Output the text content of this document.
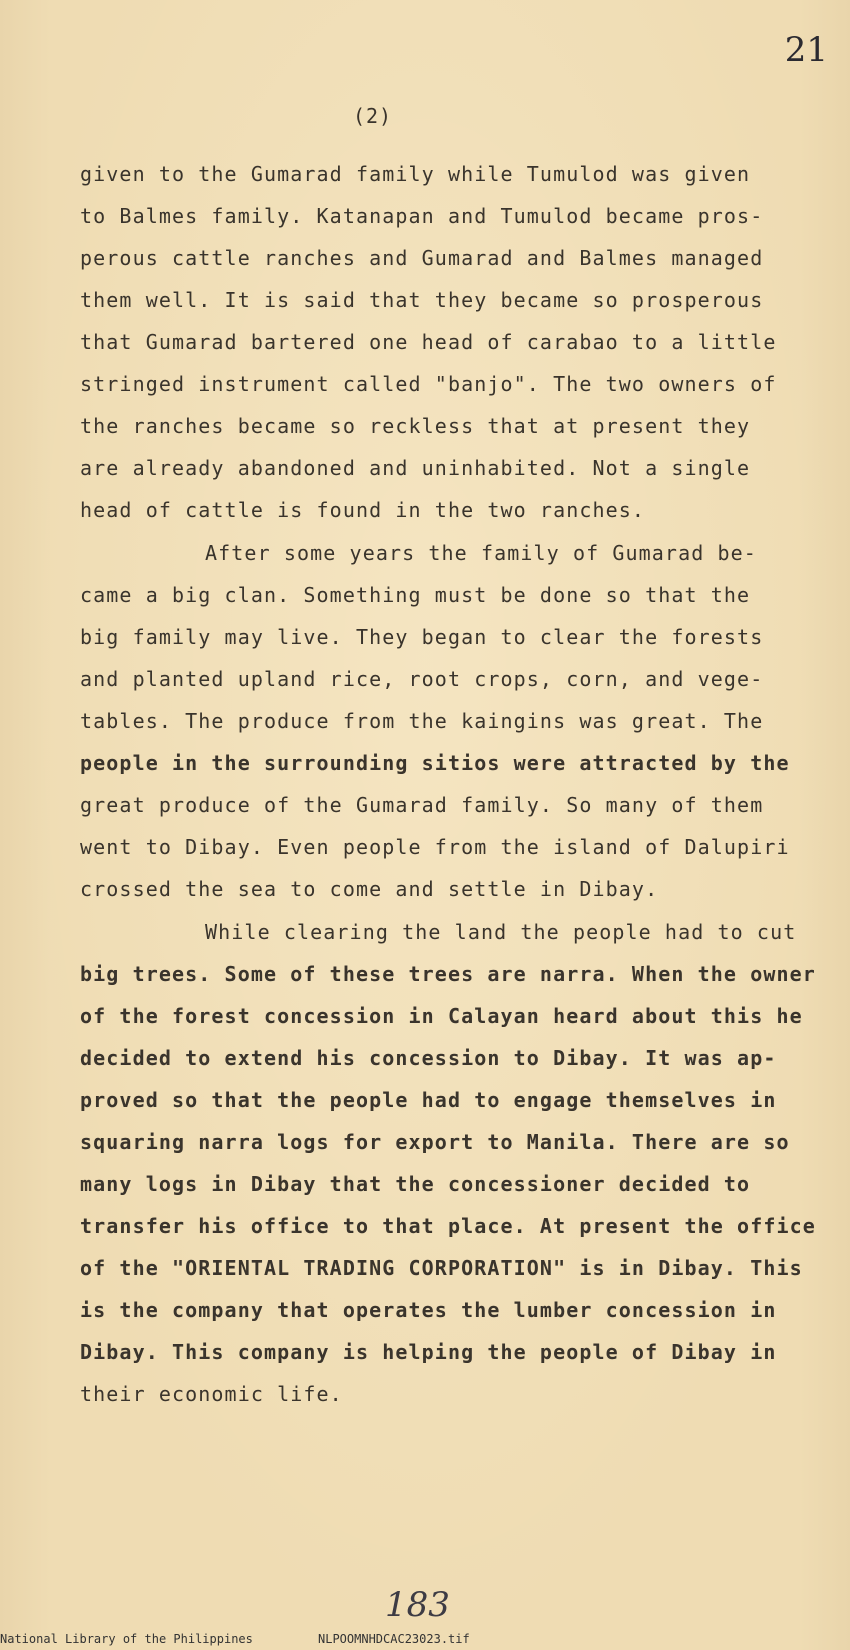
21
(2)
given to the Gumarad family while Tumulod was given
to Balmes family. Katanapan and Tumulod became pros-
perous cattle ranches and Gumarad and Balmes managed
them well. It is said that they became so prosperous
that Gumarad bartered one head of carabao to a little
stringed instrument called "banjo". The two owners of
the ranches became so reckless that at present they
are already abandoned and uninhabited. Not a single
head of cattle is found in the two ranches.
After some years the family of Gumarad be-
came a big clan. Something must be done so that the
big family may live. They began to clear the forests
and planted upland rice, root crops, corn, and vege-
tables. The produce from the kaingins was great. The
people in the surrounding sitios were attracted by the
great produce of the Gumarad family. So many of them
went to Dibay. Even people from the island of Dalupiri
crossed the sea to come and settle in Dibay.
While clearing the land the people had to cut
big trees. Some of these trees are narra. When the owner
of the forest concession in Calayan heard about this he
decided to extend his concession to Dibay. It was ap-
proved so that the people had to engage themselves in
squaring narra logs for export to Manila. There are so
many logs in Dibay that the concessioner decided to
transfer his office to that place. At present the office
of the "ORIENTAL TRADING CORPORATION" is in Dibay. This
is the company that operates the lumber concession in
Dibay. This company is helping the people of Dibay in
their economic life.
183
National Library of the Philippines	NLPOOMNHDCAC23023.tif
